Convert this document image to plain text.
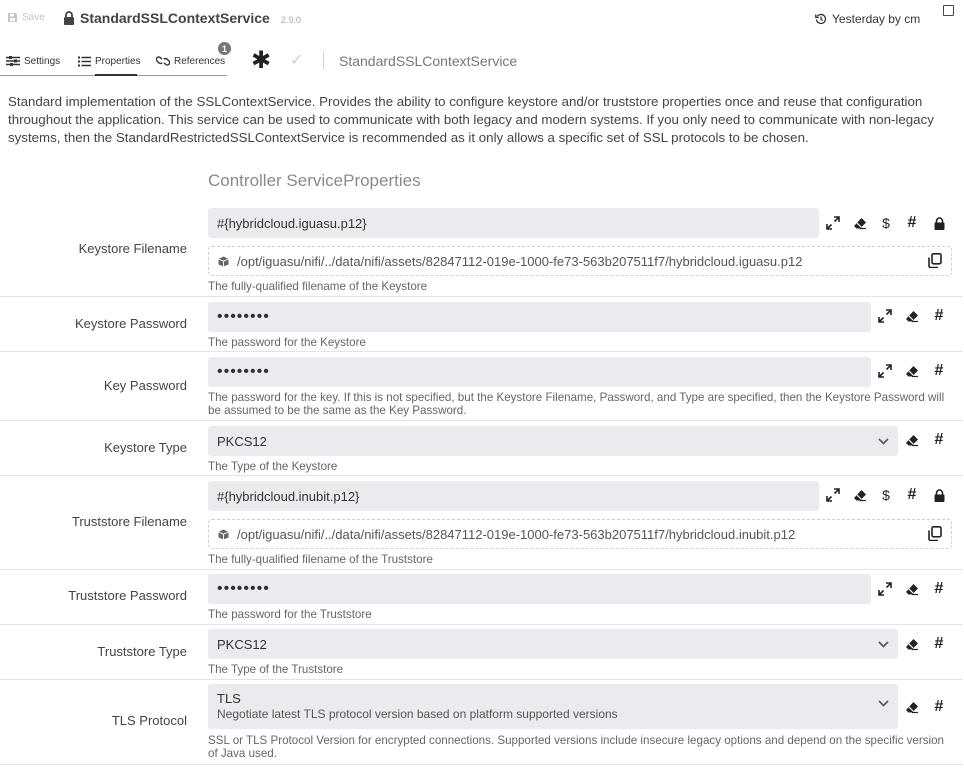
Save	StandardSSLContextService 2.9.0	Yesterday by cm
Settings	Properties	References
1 ✱ ✓	StandardSSLContextService
Standard implementation of the SSLContextService. Provides the ability to configure keystore and/or truststore properties once and reuse that configuration throughout the application. This service can be used to communicate with both legacy and modern systems. If you only need to communicate with non-legacy systems, then the StandardRestrictedSSLContextService is recommended as it only allows a specific set of SSL protocols to be chosen.
Controller ServiceProperties
Keystore Filename
#{hybridcloud.iguasu.p12}	$	#
/opt/iguasu/nifi/../data/nifi/assets/82847112-019e-1000-fe73-563b207511f7/hybridcloud.iguasu.p12
The fully-qualified filename of the Keystore
Keystore Password	••••••••	#
The password for the Keystore
Key Password
••••••••	#
The password for the key. If this is not specified, but the Keystore Filename, Password, and Type are specified, then the Keystore Password will be assumed to be the same as the Key Password.
Keystore Type PKCS12	#
The Type of the Keystore
Truststore Filename
#{hybridcloud.inubit.p12}	$	#
/opt/iguasu/nifi/../data/nifi/assets/82847112-019e-1000-fe73-563b207511f7/hybridcloud.inubit.p12
The fully-qualified filename of the Truststore
Truststore Password	••••••••	#
The password for the Truststore
Truststore Type PKCS12	#
The Type of the Truststore
TLS Protocol
TLS
Negotiate latest TLS protocol version based on platform supported versions	#
SSL or TLS Protocol Version for encrypted connections. Supported versions include insecure legacy options and depend on the specific version of Java used.
